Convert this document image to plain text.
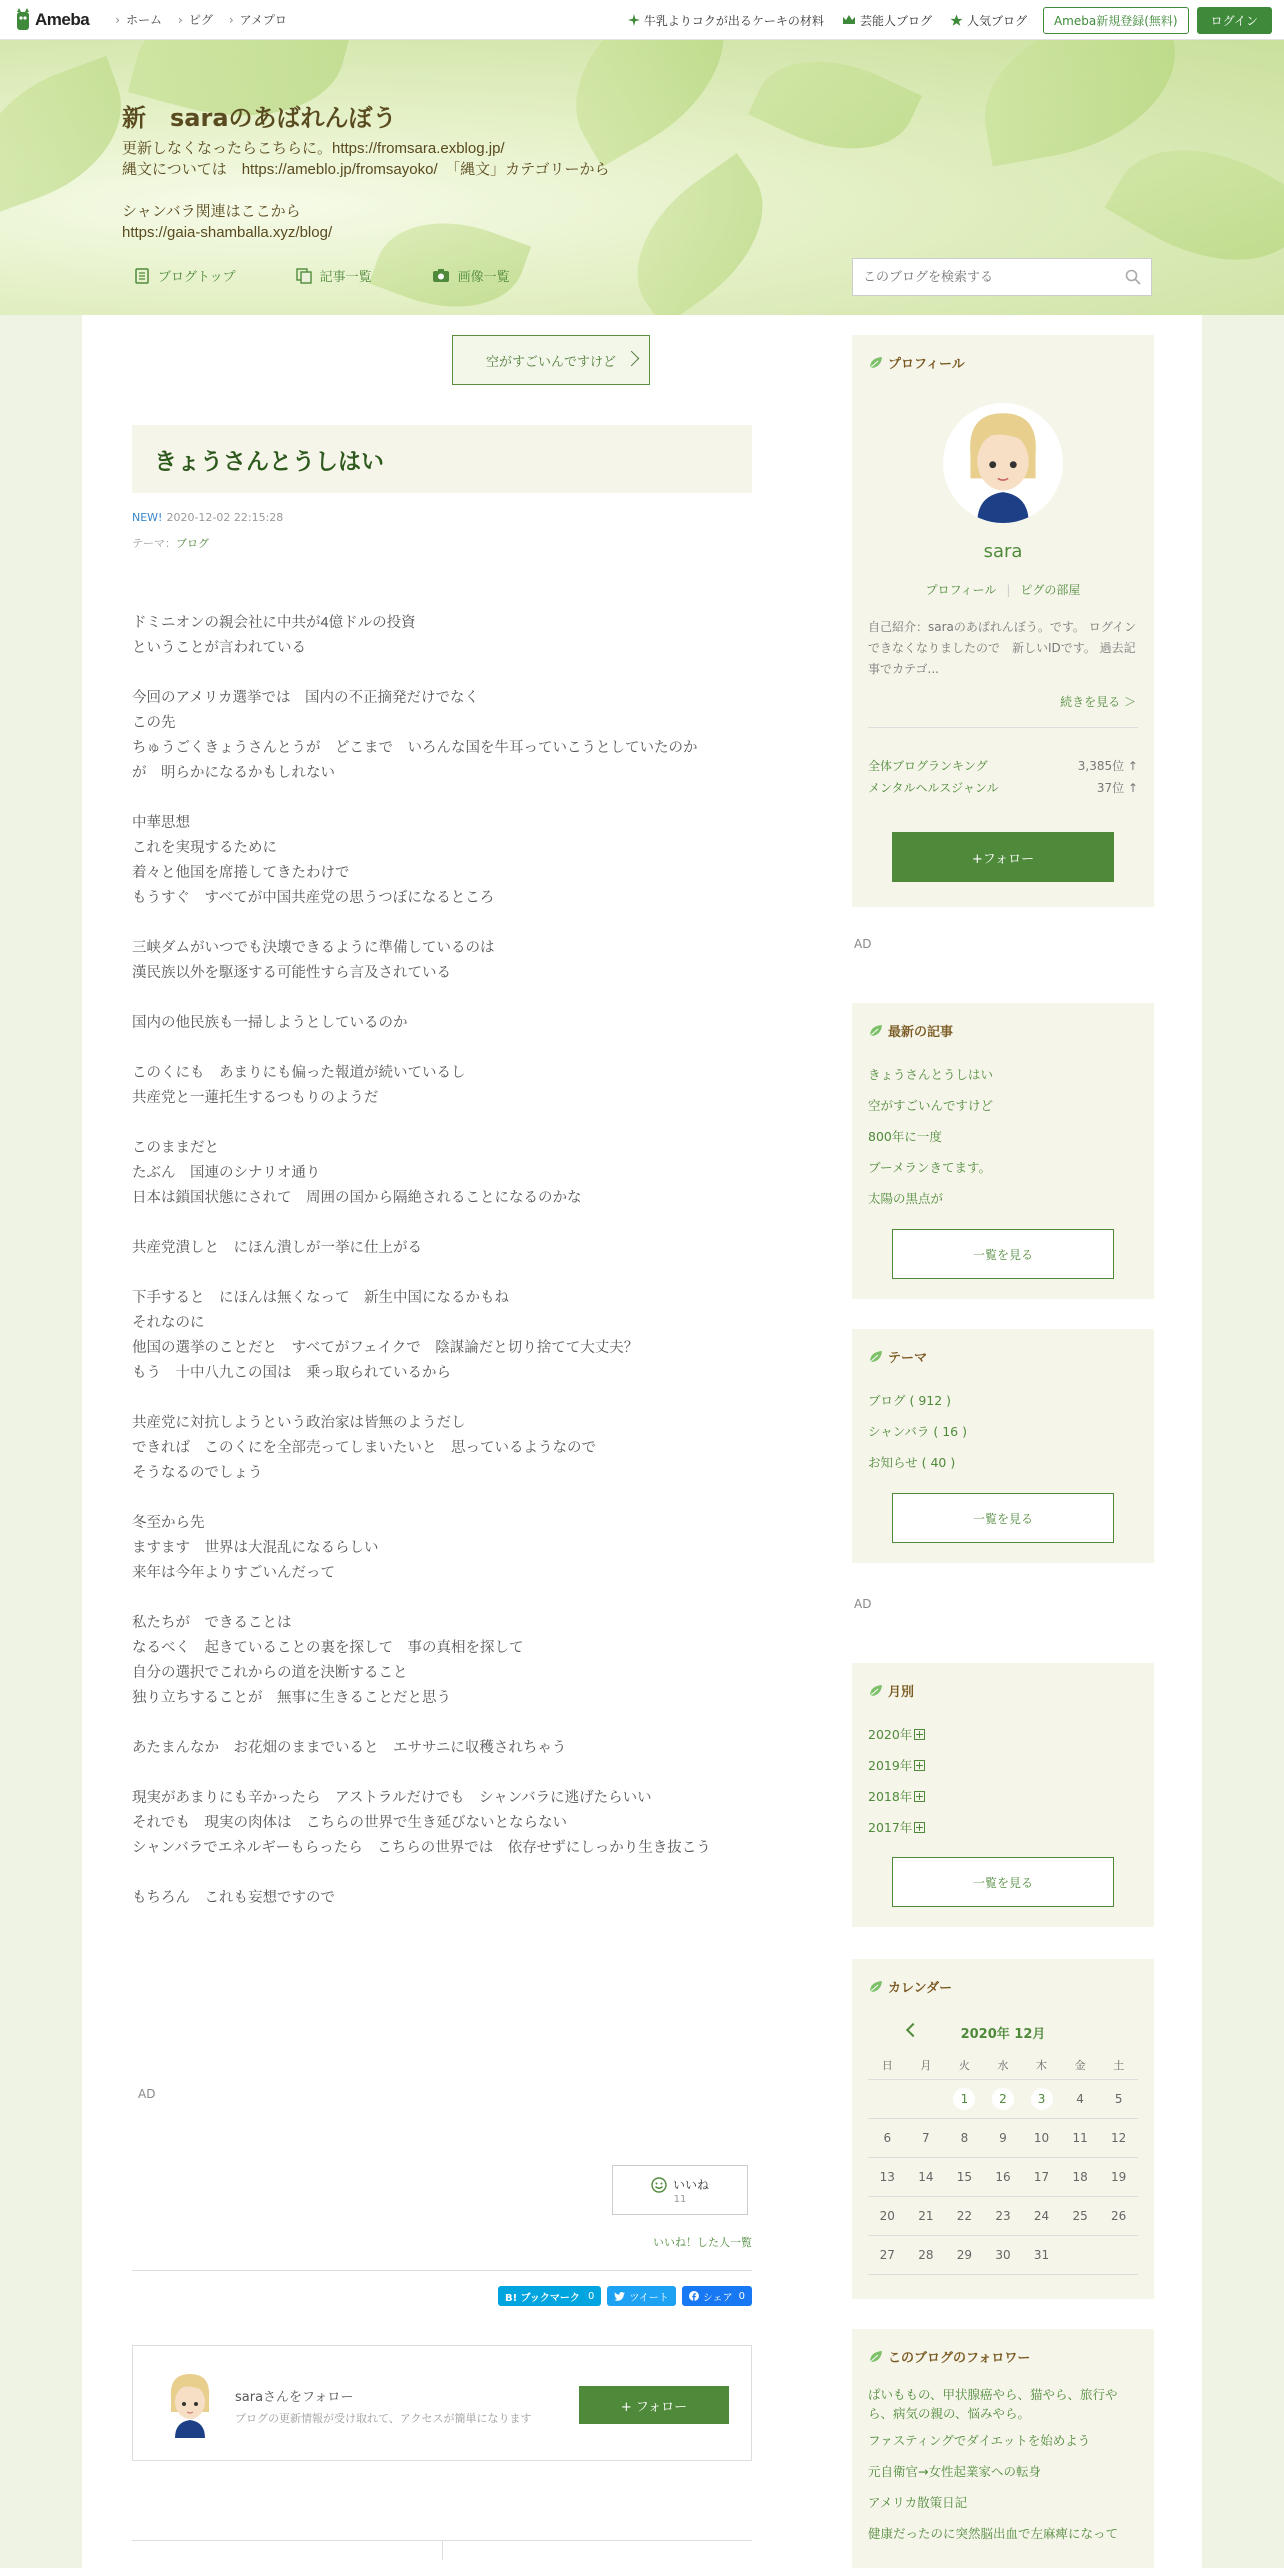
Ameba	› ホーム	› ピグ	› アメプロ	牛乳よりコクが出るケーキの材料	芸能人ブログ	人気ブログ	Ameba新規登録(無料)	ログイン
新　saraのあばれんぼう
更新しなくなったらこちらに。https://fromsara.exblog.jp/
縄文については　https://ameblo.jp/fromsayoko/　「縄文」カテゴリーから
シャンバラ関連はここから
https://gaia-shamballa.xyz/blog/
ブログトップ	記事一覧	画像一覧
このブログを検索する
空がすごいんですけど
きょうさんとうしはい
NEW! 2020-12-02 22:15:28
テーマ：ブログ

ドミニオンの親会社に中共が4億ドルの投資
ということが言われている

今回のアメリカ選挙では　国内の不正摘発だけでなく
この先
ちゅうごくきょうさんとうが　どこまで　いろんな国を牛耳っていこうとしていたのか
が　明らかになるかもしれない

中華思想
これを実現するために
着々と他国を席捲してきたわけで
もうすぐ　すべてが中国共産党の思うつぼになるところ

三峡ダムがいつでも決壊できるように準備しているのは
漢民族以外を駆逐する可能性すら言及されている

国内の他民族も一掃しようとしているのか

このくにも　あまりにも偏った報道が続いているし
共産党と一蓮托生するつもりのようだ

このままだと
たぶん　国連のシナリオ通り
日本は鎖国状態にされて　周囲の国から隔絶されることになるのかな

共産党潰しと　にほん潰しが一挙に仕上がる

下手すると　にほんは無くなって　新生中国になるかもね
それなのに
他国の選挙のことだと　すべてがフェイクで　陰謀論だと切り捨てて大丈夫？
もう　十中八九この国は　乗っ取られているから

共産党に対抗しようという政治家は皆無のようだし
できれば　このくにを全部売ってしまいたいと　思っているようなので
そうなるのでしょう

冬至から先
ますます　世界は大混乱になるらしい
来年は今年よりすごいんだって

私たちが　できることは
なるべく　起きていることの裏を探して　事の真相を探して
自分の選択でこれからの道を決断すること
独り立ちすることが　無事に生きることだと思う

あたまんなか　お花畑のままでいると　エササニに収穫されちゃう

現実があまりにも辛かったら　アストラルだけでも　シャンバラに逃げたらいい
それでも　現実の肉体は　こちらの世界で生き延びないとならない
シャンバラでエネルギーもらったら　こちらの世界では　依存せずにしっかり生き抜こう

もちろん　これも妄想ですので

AD
いいね
11
いいね！した人一覧
B! ブックマーク 0	ツイート	シェア 0
saraさんをフォロー
ブログの更新情報が受け取れて、アクセスが簡単になります
+ フォロー
プロフィール
sara
プロフィール | ピグの部屋
自己紹介：saraのあばれんぼう。です。 ログインできなくなりましたので　新しいIDです。 過去記事でカテゴ...
続きを見る ＞
全体ブログランキング	3,385位 ↑
メンタルヘルスジャンル	37位 ↑
+フォロー
AD
最新の記事
きょうさんとうしはい
空がすごいんですけど
800年に一度
ブーメランきてます。
太陽の黒点が
一覧を見る
テーマ
ブログ ( 912 )
シャンバラ ( 16 )
お知らせ ( 40 )
一覧を見る
AD
月別
2020年
2019年
2018年
2017年
一覧を見る
カレンダー
2020年 12月
日	月	火	水	木	金	土
		1	2	3	4	5
6	7	8	9	10	11	12
13	14	15	16	17	18	19
20	21	22	23	24	25	26
27	28	29	30	31		
このブログのフォロワー
ぱいももの、甲状腺癌やら、猫やら、旅行やら、病気の親の、悩みやら。
ファスティングでダイエットを始めよう
元自衛官→女性起業家への転身
アメリカ散策日記
健康だったのに突然脳出血で左麻痺になって
